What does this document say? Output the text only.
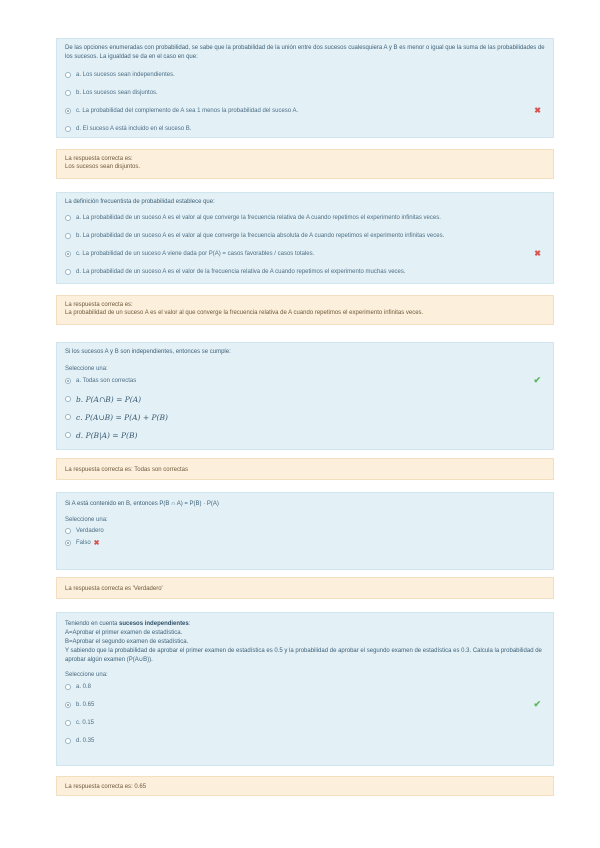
De las opciones enumeradas con probabilidad, se sabe que la probabilidad de la unión entre dos sucesos cualesquiera A y B es menor o igual que la suma de las probabilidades de los sucesos. La igualdad se da en el caso en que:
a. Los sucesos sean independientes.
b. Los sucesos sean disjuntos.
c. La probabilidad del complemento de A sea 1 menos la probabilidad del suceso A.	✖
d. El suceso A está incluido en el suceso B.
La respuesta correcta es:
Los sucesos sean disjuntos.
La definición frecuentista de probabilidad establece que:
a. La probabilidad de un suceso A es el valor al que converge la frecuencia relativa de A cuando repetimos el experimento infinitas veces.
b. La probabilidad de un suceso A es el valor al que converge la frecuencia absoluta de A cuando repetimos el experimento infinitas veces.
c. La probabilidad de un suceso A viene dada por P(A) = casos favorables / casos totales.	✖
d. La probabilidad de un suceso A es el valor de la frecuencia relativa de A cuando repetimos el experimento muchas veces.
La respuesta correcta es:
La probabilidad de un suceso A es el valor al que converge la frecuencia relativa de A cuando repetimos el experimento infinitas veces.
Si los sucesos A y B son independientes, entonces se cumple:
Seleccione una:
a. Todas son correctas	✔
b. P(A∩B) = P(A)
c. P(A∪B) = P(A) + P(B)
d. P(B|A) = P(B)
La respuesta correcta es: Todas son correctas
Si A está contenido en B, entonces P(B ∩ A) = P(B) · P(A)
Seleccione una:
Verdadero
Falso ✖
La respuesta correcta es 'Verdadero'
Teniendo en cuenta sucesos independientes:
A=Aprobar el primer examen de estadística.
B=Aprobar el segundo examen de estadística.
Y sabiendo que la probabilidad de aprobar el primer examen de estadística es 0.5 y la probabilidad de aprobar el segundo examen de estadística es 0.3. Calcula la probabilidad de aprobar algún examen (P(A∪B)).
Seleccione una:
a. 0.8
b. 0.65	✔
c. 0.15
d. 0.35
La respuesta correcta es: 0.65
